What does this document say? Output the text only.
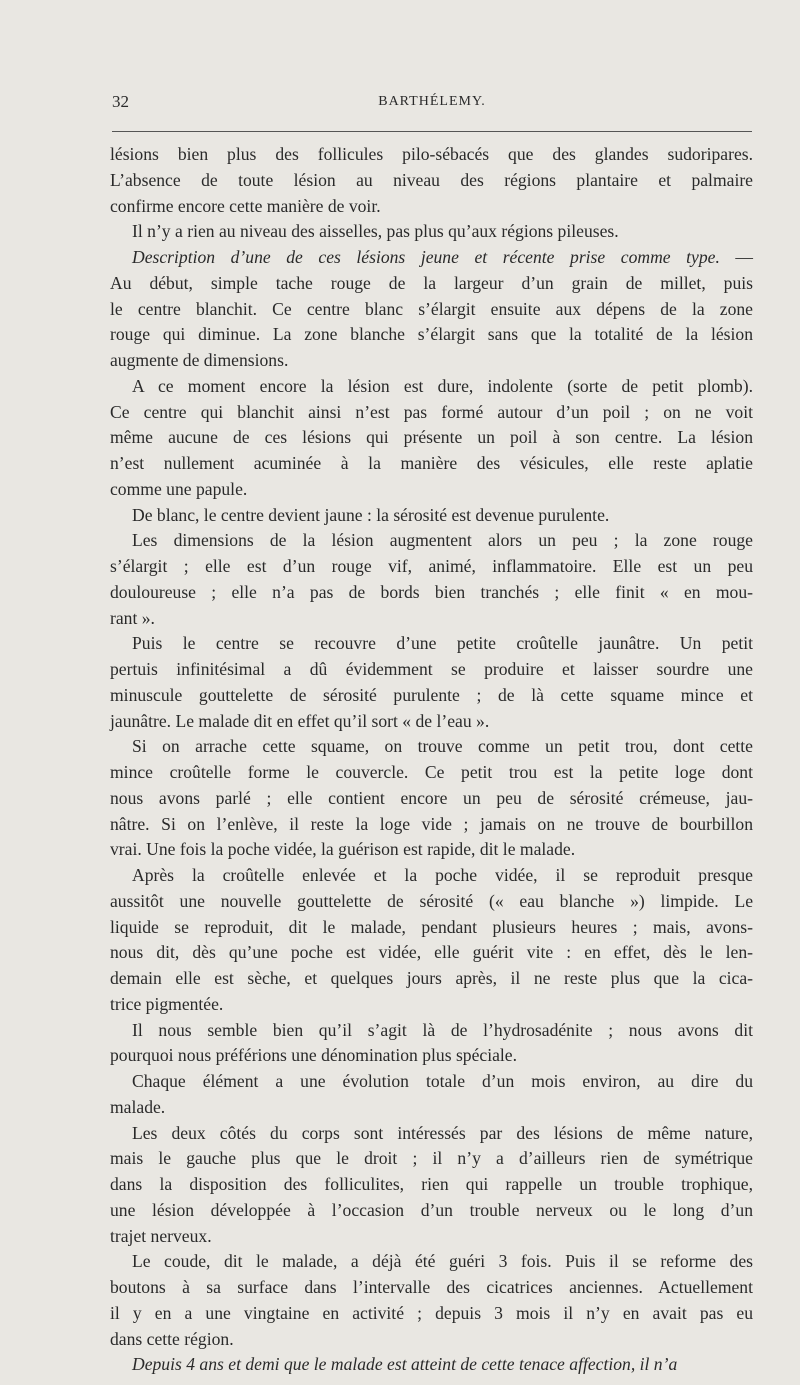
32	BARTHÉLEMY.
lésions bien plus des follicules pilo-sébacés que des glandes sudoripares.
L’absence de toute lésion au niveau des régions plantaire et palmaire
confirme encore cette manière de voir.
Il n’y a rien au niveau des aisselles, pas plus qu’aux régions pileuses.
Description d’une de ces lésions jeune et récente prise comme type. —
Au début, simple tache rouge de la largeur d’un grain de millet, puis
le centre blanchit. Ce centre blanc s’élargit ensuite aux dépens de la zone
rouge qui diminue. La zone blanche s’élargit sans que la totalité de la lésion
augmente de dimensions.
A ce moment encore la lésion est dure, indolente (sorte de petit plomb).
Ce centre qui blanchit ainsi n’est pas formé autour d’un poil ; on ne voit
même aucune de ces lésions qui présente un poil à son centre. La lésion
n’est nullement acuminée à la manière des vésicules, elle reste aplatie
comme une papule.
De blanc, le centre devient jaune : la sérosité est devenue purulente.
Les dimensions de la lésion augmentent alors un peu ; la zone rouge
s’élargit ; elle est d’un rouge vif, animé, inflammatoire. Elle est un peu
douloureuse ; elle n’a pas de bords bien tranchés ; elle finit « en mou-
rant ».
Puis le centre se recouvre d’une petite croûtelle jaunâtre. Un petit
pertuis infinitésimal a dû évidemment se produire et laisser sourdre une
minuscule gouttelette de sérosité purulente ; de là cette squame mince et
jaunâtre. Le malade dit en effet qu’il sort « de l’eau ».
Si on arrache cette squame, on trouve comme un petit trou, dont cette
mince croûtelle forme le couvercle. Ce petit trou est la petite loge dont
nous avons parlé ; elle contient encore un peu de sérosité crémeuse, jau-
nâtre. Si on l’enlève, il reste la loge vide ; jamais on ne trouve de bourbillon
vrai. Une fois la poche vidée, la guérison est rapide, dit le malade.
Après la croûtelle enlevée et la poche vidée, il se reproduit presque
aussitôt une nouvelle gouttelette de sérosité (« eau blanche ») limpide. Le
liquide se reproduit, dit le malade, pendant plusieurs heures ; mais, avons-
nous dit, dès qu’une poche est vidée, elle guérit vite : en effet, dès le len-
demain elle est sèche, et quelques jours après, il ne reste plus que la cica-
trice pigmentée.
Il nous semble bien qu’il s’agit là de l’hydrosadénite ; nous avons dit
pourquoi nous préférions une dénomination plus spéciale.
Chaque élément a une évolution totale d’un mois environ, au dire du
malade.
Les deux côtés du corps sont intéressés par des lésions de même nature,
mais le gauche plus que le droit ; il n’y a d’ailleurs rien de symétrique
dans la disposition des folliculites, rien qui rappelle un trouble trophique,
une lésion développée à l’occasion d’un trouble nerveux ou le long d’un
trajet nerveux.
Le coude, dit le malade, a déjà été guéri 3 fois. Puis il se reforme des
boutons à sa surface dans l’intervalle des cicatrices anciennes. Actuellement
il y en a une vingtaine en activité ; depuis 3 mois il n’y en avait pas eu
dans cette région.
Depuis 4 ans et demi que le malade est atteint de cette tenace affection, il n’a
